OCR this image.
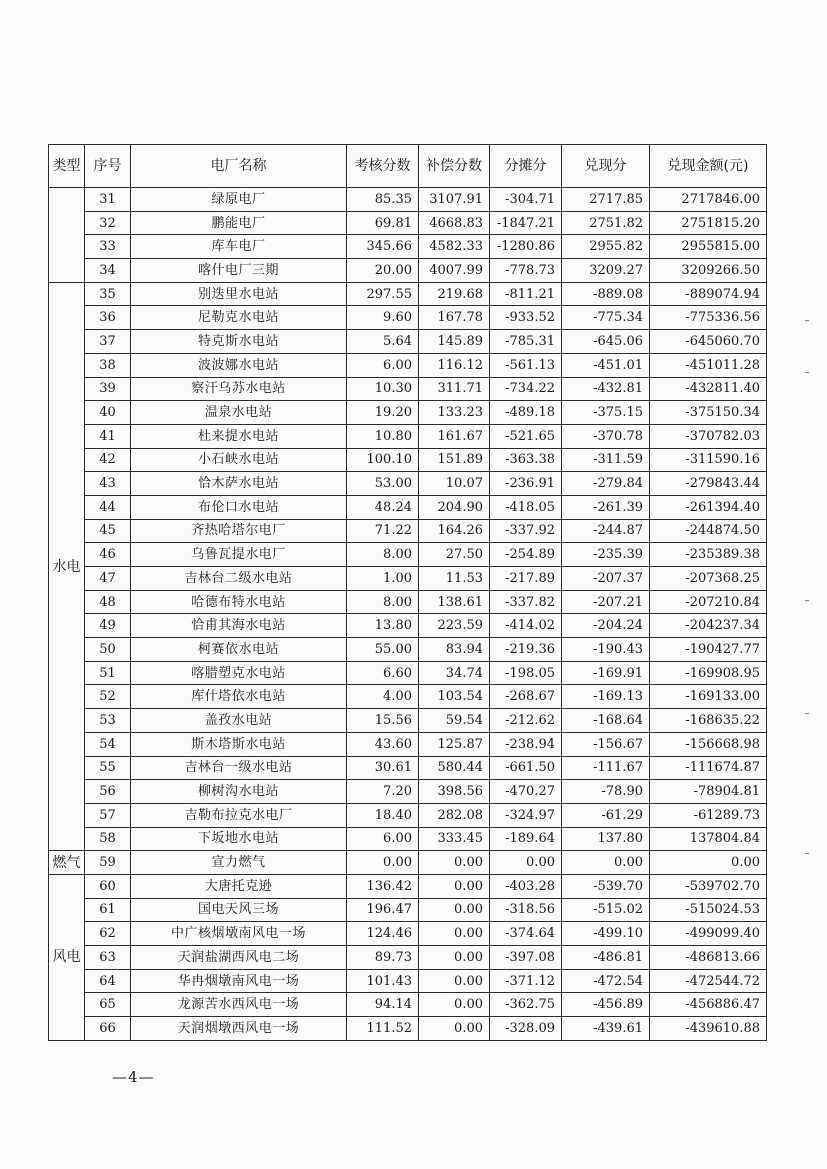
类型	序号	电厂名称	考核分数	补偿分数	分摊分	兑现分	兑现金额(元)
	31	绿原电厂	85.35	3107.91	-304.71	2717.85	2717846.00
	32	鹏能电厂	69.81	4668.83	-1847.21	2751.82	2751815.20
	33	库车电厂	345.66	4582.33	-1280.86	2955.82	2955815.00
	34	喀什电厂三期	20.00	4007.99	-778.73	3209.27	3209266.50
水电	35	别迭里水电站	297.55	219.68	-811.21	-889.08	-889074.94
	36	尼勒克水电站	9.60	167.78	-933.52	-775.34	-775336.56
	37	特克斯水电站	5.64	145.89	-785.31	-645.06	-645060.70
	38	波波娜水电站	6.00	116.12	-561.13	-451.01	-451011.28
	39	察汗乌苏水电站	10.30	311.71	-734.22	-432.81	-432811.40
	40	温泉水电站	19.20	133.23	-489.18	-375.15	-375150.34
	41	杜来提水电站	10.80	161.67	-521.65	-370.78	-370782.03
	42	小石峡水电站	100.10	151.89	-363.38	-311.59	-311590.16
	43	恰木萨水电站	53.00	10.07	-236.91	-279.84	-279843.44
	44	布伦口水电站	48.24	204.90	-418.05	-261.39	-261394.40
	45	齐热哈塔尔电厂	71.22	164.26	-337.92	-244.87	-244874.50
	46	乌鲁瓦提水电厂	8.00	27.50	-254.89	-235.39	-235389.38
	47	吉林台二级水电站	1.00	11.53	-217.89	-207.37	-207368.25
	48	哈德布特水电站	8.00	138.61	-337.82	-207.21	-207210.84
	49	恰甫其海水电站	13.80	223.59	-414.02	-204.24	-204237.34
	50	柯赛依水电站	55.00	83.94	-219.36	-190.43	-190427.77
	51	喀腊塑克水电站	6.60	34.74	-198.05	-169.91	-169908.95
	52	库什塔依水电站	4.00	103.54	-268.67	-169.13	-169133.00
	53	盖孜水电站	15.56	59.54	-212.62	-168.64	-168635.22
	54	斯木塔斯水电站	43.60	125.87	-238.94	-156.67	-156668.98
	55	吉林台一级水电站	30.61	580.44	-661.50	-111.67	-111674.87
	56	柳树沟水电站	7.20	398.56	-470.27	-78.90	-78904.81
	57	吉勒布拉克水电厂	18.40	282.08	-324.97	-61.29	-61289.73
	58	下坂地水电站	6.00	333.45	-189.64	137.80	137804.84
燃气	59	宣力燃气	0.00	0.00	0.00	0.00	0.00
风电	60	大唐托克逊	136.42	0.00	-403.28	-539.70	-539702.70
	61	国电天风三场	196.47	0.00	-318.56	-515.02	-515024.53
	62	中广核烟墩南风电一场	124.46	0.00	-374.64	-499.10	-499099.40
	63	天润盐湖西风电二场	89.73	0.00	-397.08	-486.81	-486813.66
	64	华冉烟墩南风电一场	101.43	0.00	-371.12	-472.54	-472544.72
	65	龙源苦水西风电一场	94.14	0.00	-362.75	-456.89	-456886.47
	66	天润烟墩西风电一场	111.52	0.00	-328.09	-439.61	-439610.88
—4—
